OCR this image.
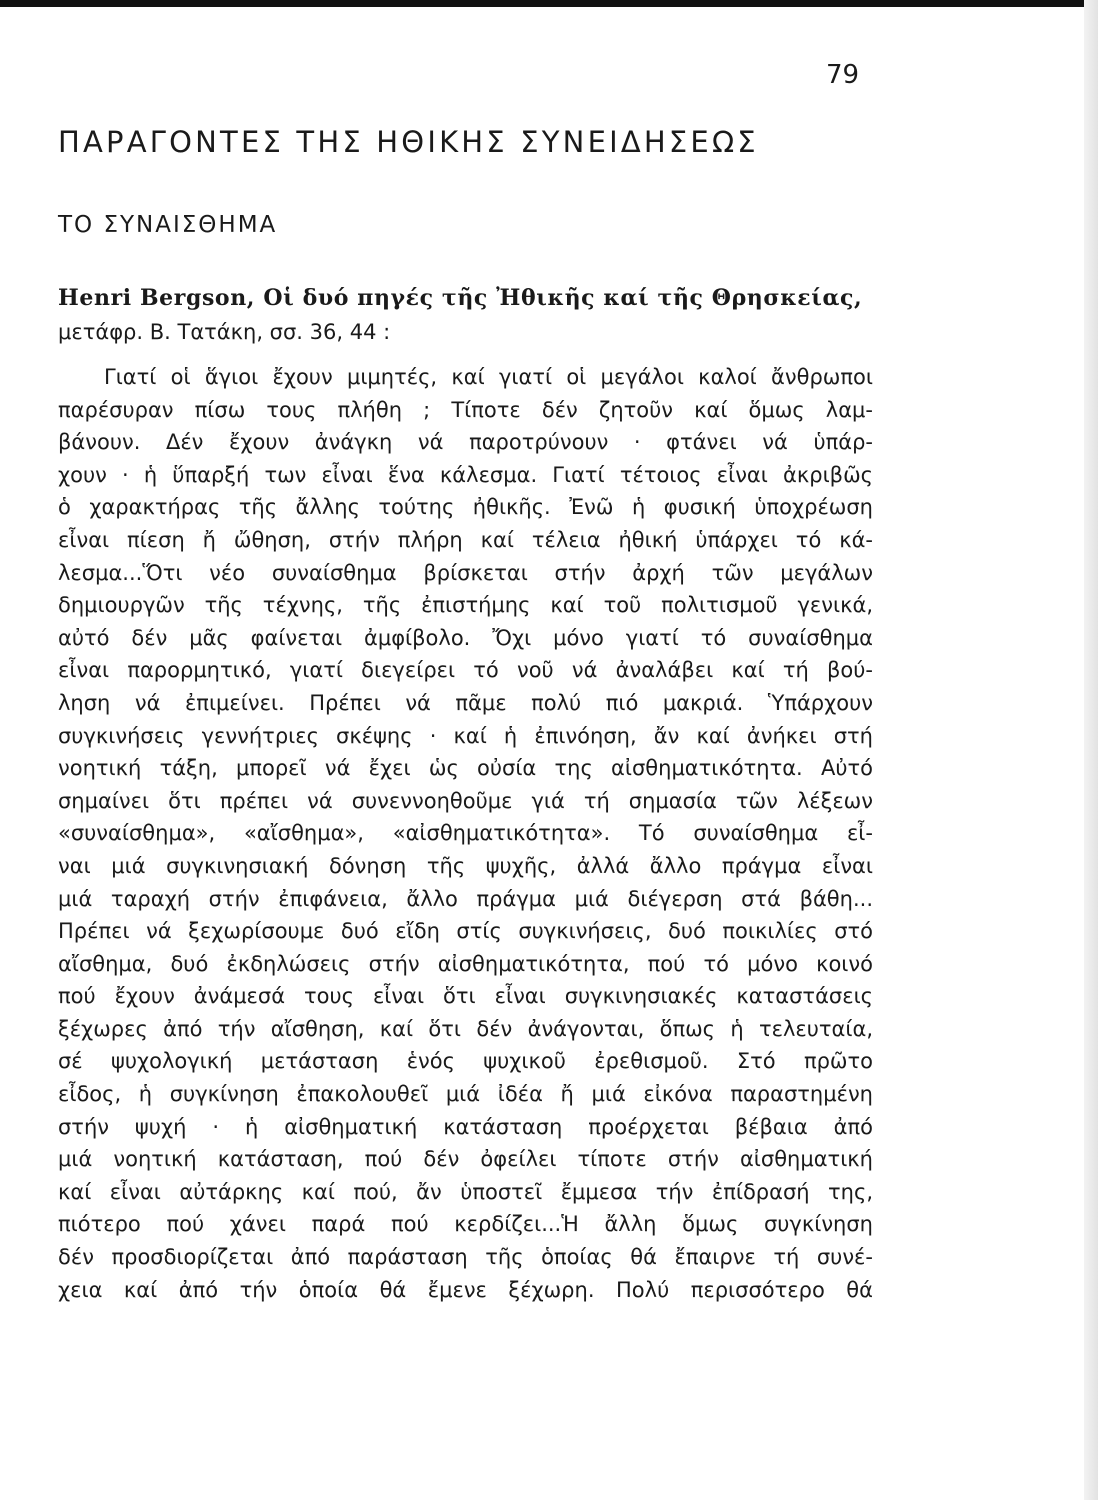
79
ΠΑΡΑΓΟΝΤΕΣ ΤΗΣ ΗΘΙΚΗΣ ΣΥΝΕΙΔΗΣΕΩΣ
ΤΟ ΣΥΝΑΙΣΘΗΜΑ
Henri Bergson, Οἱ δυό πηγές τῆς Ἠθικῆς καί τῆς Θρησκείας,
μετάφρ. Β. Τατάκη, σσ. 36, 44 :
Γιατί οἱ ἅγιοι ἔχουν μιμητές, καί γιατί οἱ μεγάλοι καλοί ἄνθρωποι
παρέσυραν πίσω τους πλήθη ; Τίποτε δέν ζητοῦν καί ὅμως λαμ-
βάνουν. Δέν ἔχουν ἀνάγκη νά παροτρύνουν · φτάνει νά ὑπάρ-
χουν · ἡ ὕπαρξή των εἶναι ἕνα κάλεσμα. Γιατί τέτοιος εἶναι ἀκριβῶς
ὁ χαρακτήρας τῆς ἄλλης τούτης ἠθικῆς. Ἐνῶ ἡ φυσική ὑποχρέωση
εἶναι πίεση ἤ ὤθηση, στήν πλήρη καί τέλεια ἠθική ὑπάρχει τό κά-
λεσμα...Ὅτι νέο συναίσθημα βρίσκεται στήν ἀρχή τῶν μεγάλων
δημιουργῶν τῆς τέχνης, τῆς ἐπιστήμης καί τοῦ πολιτισμοῦ γενικά,
αὐτό δέν μᾶς φαίνεται ἀμφίβολο. Ὄχι μόνο γιατί τό συναίσθημα
εἶναι παρορμητικό, γιατί διεγείρει τό νοῦ νά ἀναλάβει καί τή βού-
ληση νά ἐπιμείνει. Πρέπει νά πᾶμε πολύ πιό μακριά. Ὑπάρχουν
συγκινήσεις γεννήτριες σκέψης · καί ἡ ἐπινόηση, ἄν καί ἀνήκει στή
νοητική τάξη, μπορεῖ νά ἔχει ὡς οὐσία της αἰσθηματικότητα. Αὐτό
σημαίνει ὅτι πρέπει νά συνεννοηθοῦμε γιά τή σημασία τῶν λέξεων
«συναίσθημα», «αἴσθημα», «αἰσθηματικότητα». Τό συναίσθημα εἶ-
ναι μιά συγκινησιακή δόνηση τῆς ψυχῆς, ἀλλά ἄλλο πράγμα εἶναι
μιά ταραχή στήν ἐπιφάνεια, ἄλλο πράγμα μιά διέγερση στά βάθη...
Πρέπει νά ξεχωρίσουμε δυό εἴδη στίς συγκινήσεις, δυό ποικιλίες στό
αἴσθημα, δυό ἐκδηλώσεις στήν αἰσθηματικότητα, πού τό μόνο κοινό
πού ἔχουν ἀνάμεσά τους εἶναι ὅτι εἶναι συγκινησιακές καταστάσεις
ξέχωρες ἀπό τήν αἴσθηση, καί ὅτι δέν ἀνάγονται, ὅπως ἡ τελευταία,
σέ ψυχολογική μετάσταση ἑνός ψυχικοῦ ἐρεθισμοῦ. Στό πρῶτο
εἶδος, ἡ συγκίνηση ἐπακολουθεῖ μιά ἰδέα ἤ μιά εἰκόνα παραστημένη
στήν ψυχή · ἡ αἰσθηματική κατάσταση προέρχεται βέβαια ἀπό
μιά νοητική κατάσταση, πού δέν ὀφείλει τίποτε στήν αἰσθηματική
καί εἶναι αὐτάρκης καί πού, ἄν ὑποστεῖ ἔμμεσα τήν ἐπίδρασή της,
πιότερο πού χάνει παρά πού κερδίζει...Ἡ ἄλλη ὅμως συγκίνηση
δέν προσδιορίζεται ἀπό παράσταση τῆς ὁποίας θά ἔπαιρνε τή συνέ-
χεια καί ἀπό τήν ὁποία θά ἔμενε ξέχωρη. Πολύ περισσότερο θά
